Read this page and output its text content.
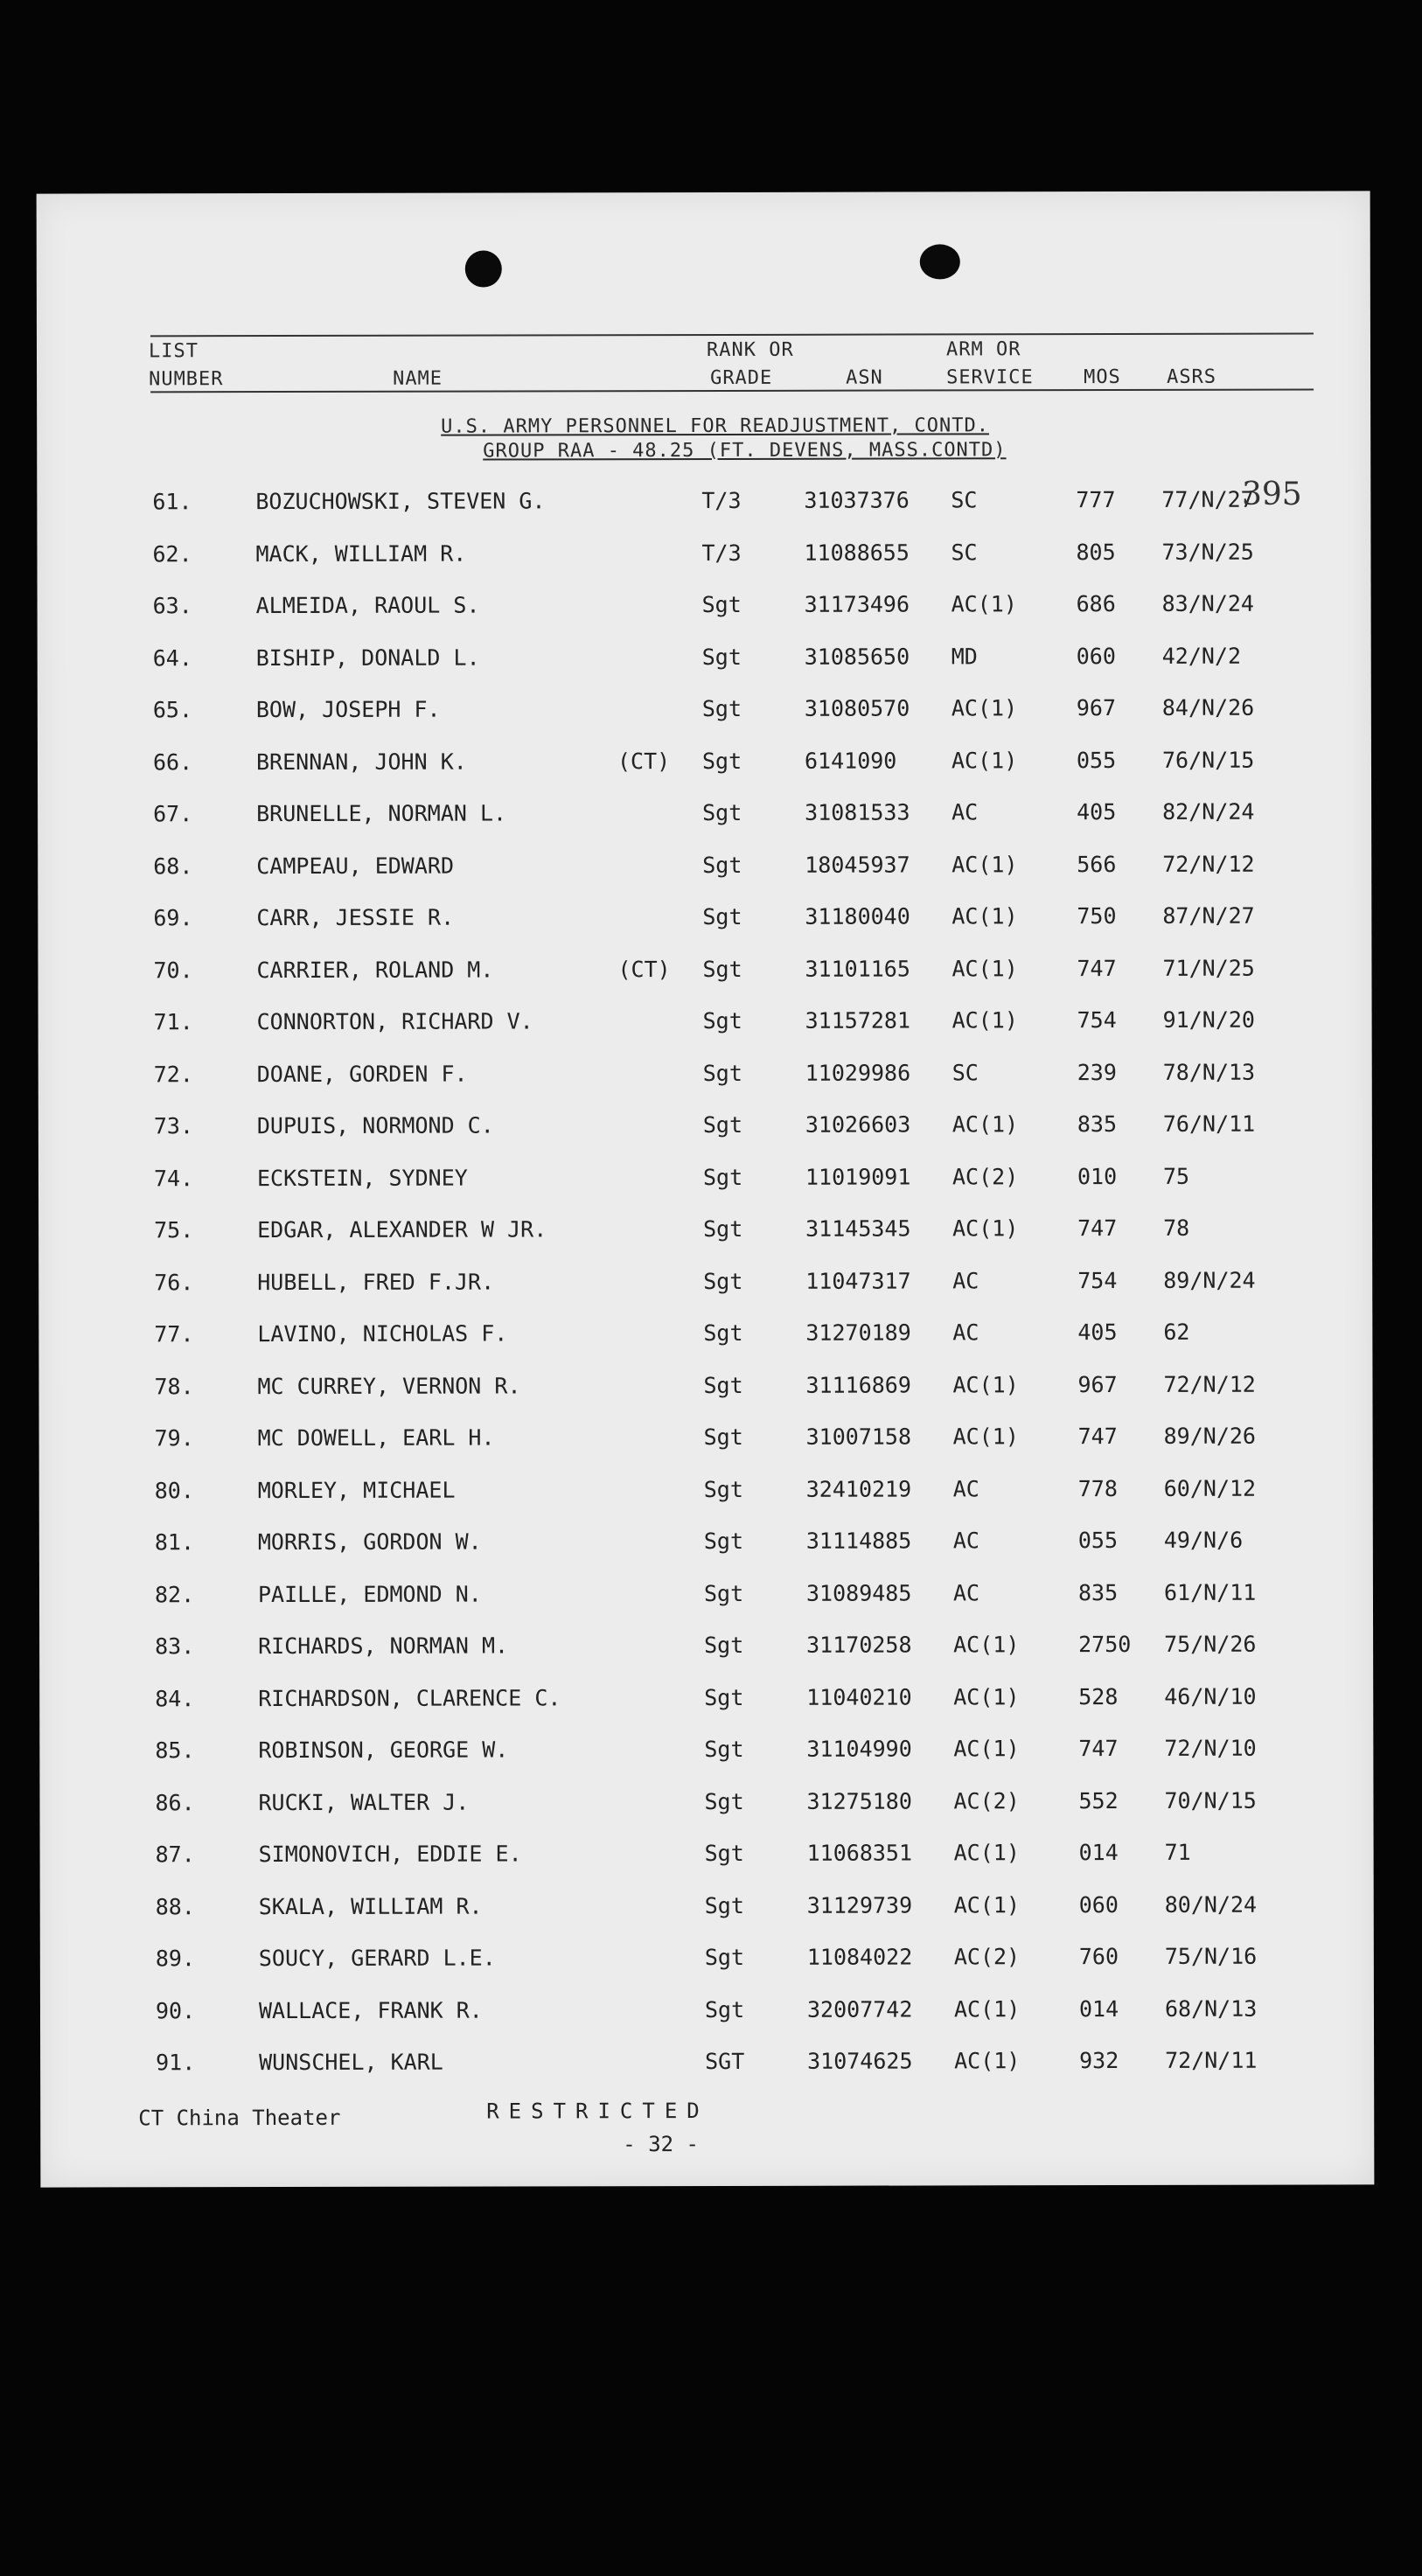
LIST
NUMBER	NAME
RANK OR
GRADE	ASN
ARM OR
SERVICE	MOS ASRS
U.S. ARMY PERSONNEL FOR READJUSTMENT, CONTD.
GROUP RAA - 48.25 (FT. DEVENS, MASS.CONTD)
61.	BOZUCHOWSKI, STEVEN G.	T/3	31037376 SC	777 77/N/27
62.	MACK, WILLIAM R.	T/3	11088655 SC	805 73/N/25
63.	ALMEIDA, RAOUL S.	Sgt	31173496 AC(1)	686 83/N/24
64.	BISHIP, DONALD L.	Sgt	31085650 MD	060 42/N/2
65.	BOW, JOSEPH F.	Sgt	31080570 AC(1)	967 84/N/26
66.	BRENNAN, JOHN K.	(CT) Sgt	6141090	AC(1)	055 76/N/15
67.	BRUNELLE, NORMAN L.	Sgt	31081533 AC	405 82/N/24
68.	CAMPEAU, EDWARD	Sgt	18045937 AC(1)	566 72/N/12
69.	CARR, JESSIE R.	Sgt	31180040 AC(1)	750 87/N/27
70.	CARRIER, ROLAND M.	(CT) Sgt	31101165 AC(1)	747 71/N/25
71.	CONNORTON, RICHARD V.	Sgt	31157281 AC(1)	754 91/N/20
72.	DOANE, GORDEN F.	Sgt	11029986 SC	239 78/N/13
73.	DUPUIS, NORMOND C.	Sgt	31026603 AC(1)	835 76/N/11
74.	ECKSTEIN, SYDNEY	Sgt	11019091 AC(2)	010 75
75.	EDGAR, ALEXANDER W JR.	Sgt	31145345 AC(1)	747 78
76.	HUBELL, FRED F.JR.	Sgt	11047317 AC	754 89/N/24
77.	LAVINO, NICHOLAS F.	Sgt	31270189 AC	405 62
78.	MC CURREY, VERNON R.	Sgt	31116869 AC(1)	967 72/N/12
79.	MC DOWELL, EARL H.	Sgt	31007158 AC(1)	747 89/N/26
80.	MORLEY, MICHAEL	Sgt	32410219 AC	778 60/N/12
81.	MORRIS, GORDON W.	Sgt	31114885 AC	055 49/N/6
82.	PAILLE, EDMOND N.	Sgt	31089485 AC	835 61/N/11
83.	RICHARDS, NORMAN M.	Sgt	31170258 AC(1)	2750 75/N/26
84.	RICHARDSON, CLARENCE C.	Sgt	11040210 AC(1)	528 46/N/10
85.	ROBINSON, GEORGE W.	Sgt	31104990 AC(1)	747 72/N/10
86.	RUCKI, WALTER J.	Sgt	31275180 AC(2)	552 70/N/15
87.	SIMONOVICH, EDDIE E.	Sgt	11068351 AC(1)	014 71
88.	SKALA, WILLIAM R.	Sgt	31129739 AC(1)	060 80/N/24
89.	SOUCY, GERARD L.E.	Sgt	11084022 AC(2)	760 75/N/16
90.	WALLACE, FRANK R.	Sgt	32007742 AC(1)	014 68/N/13
91.	WUNSCHEL, KARL	SGT	31074625 AC(1)	932 72/N/11
CT China Theater	RESTRICTED
- 32 -
395
